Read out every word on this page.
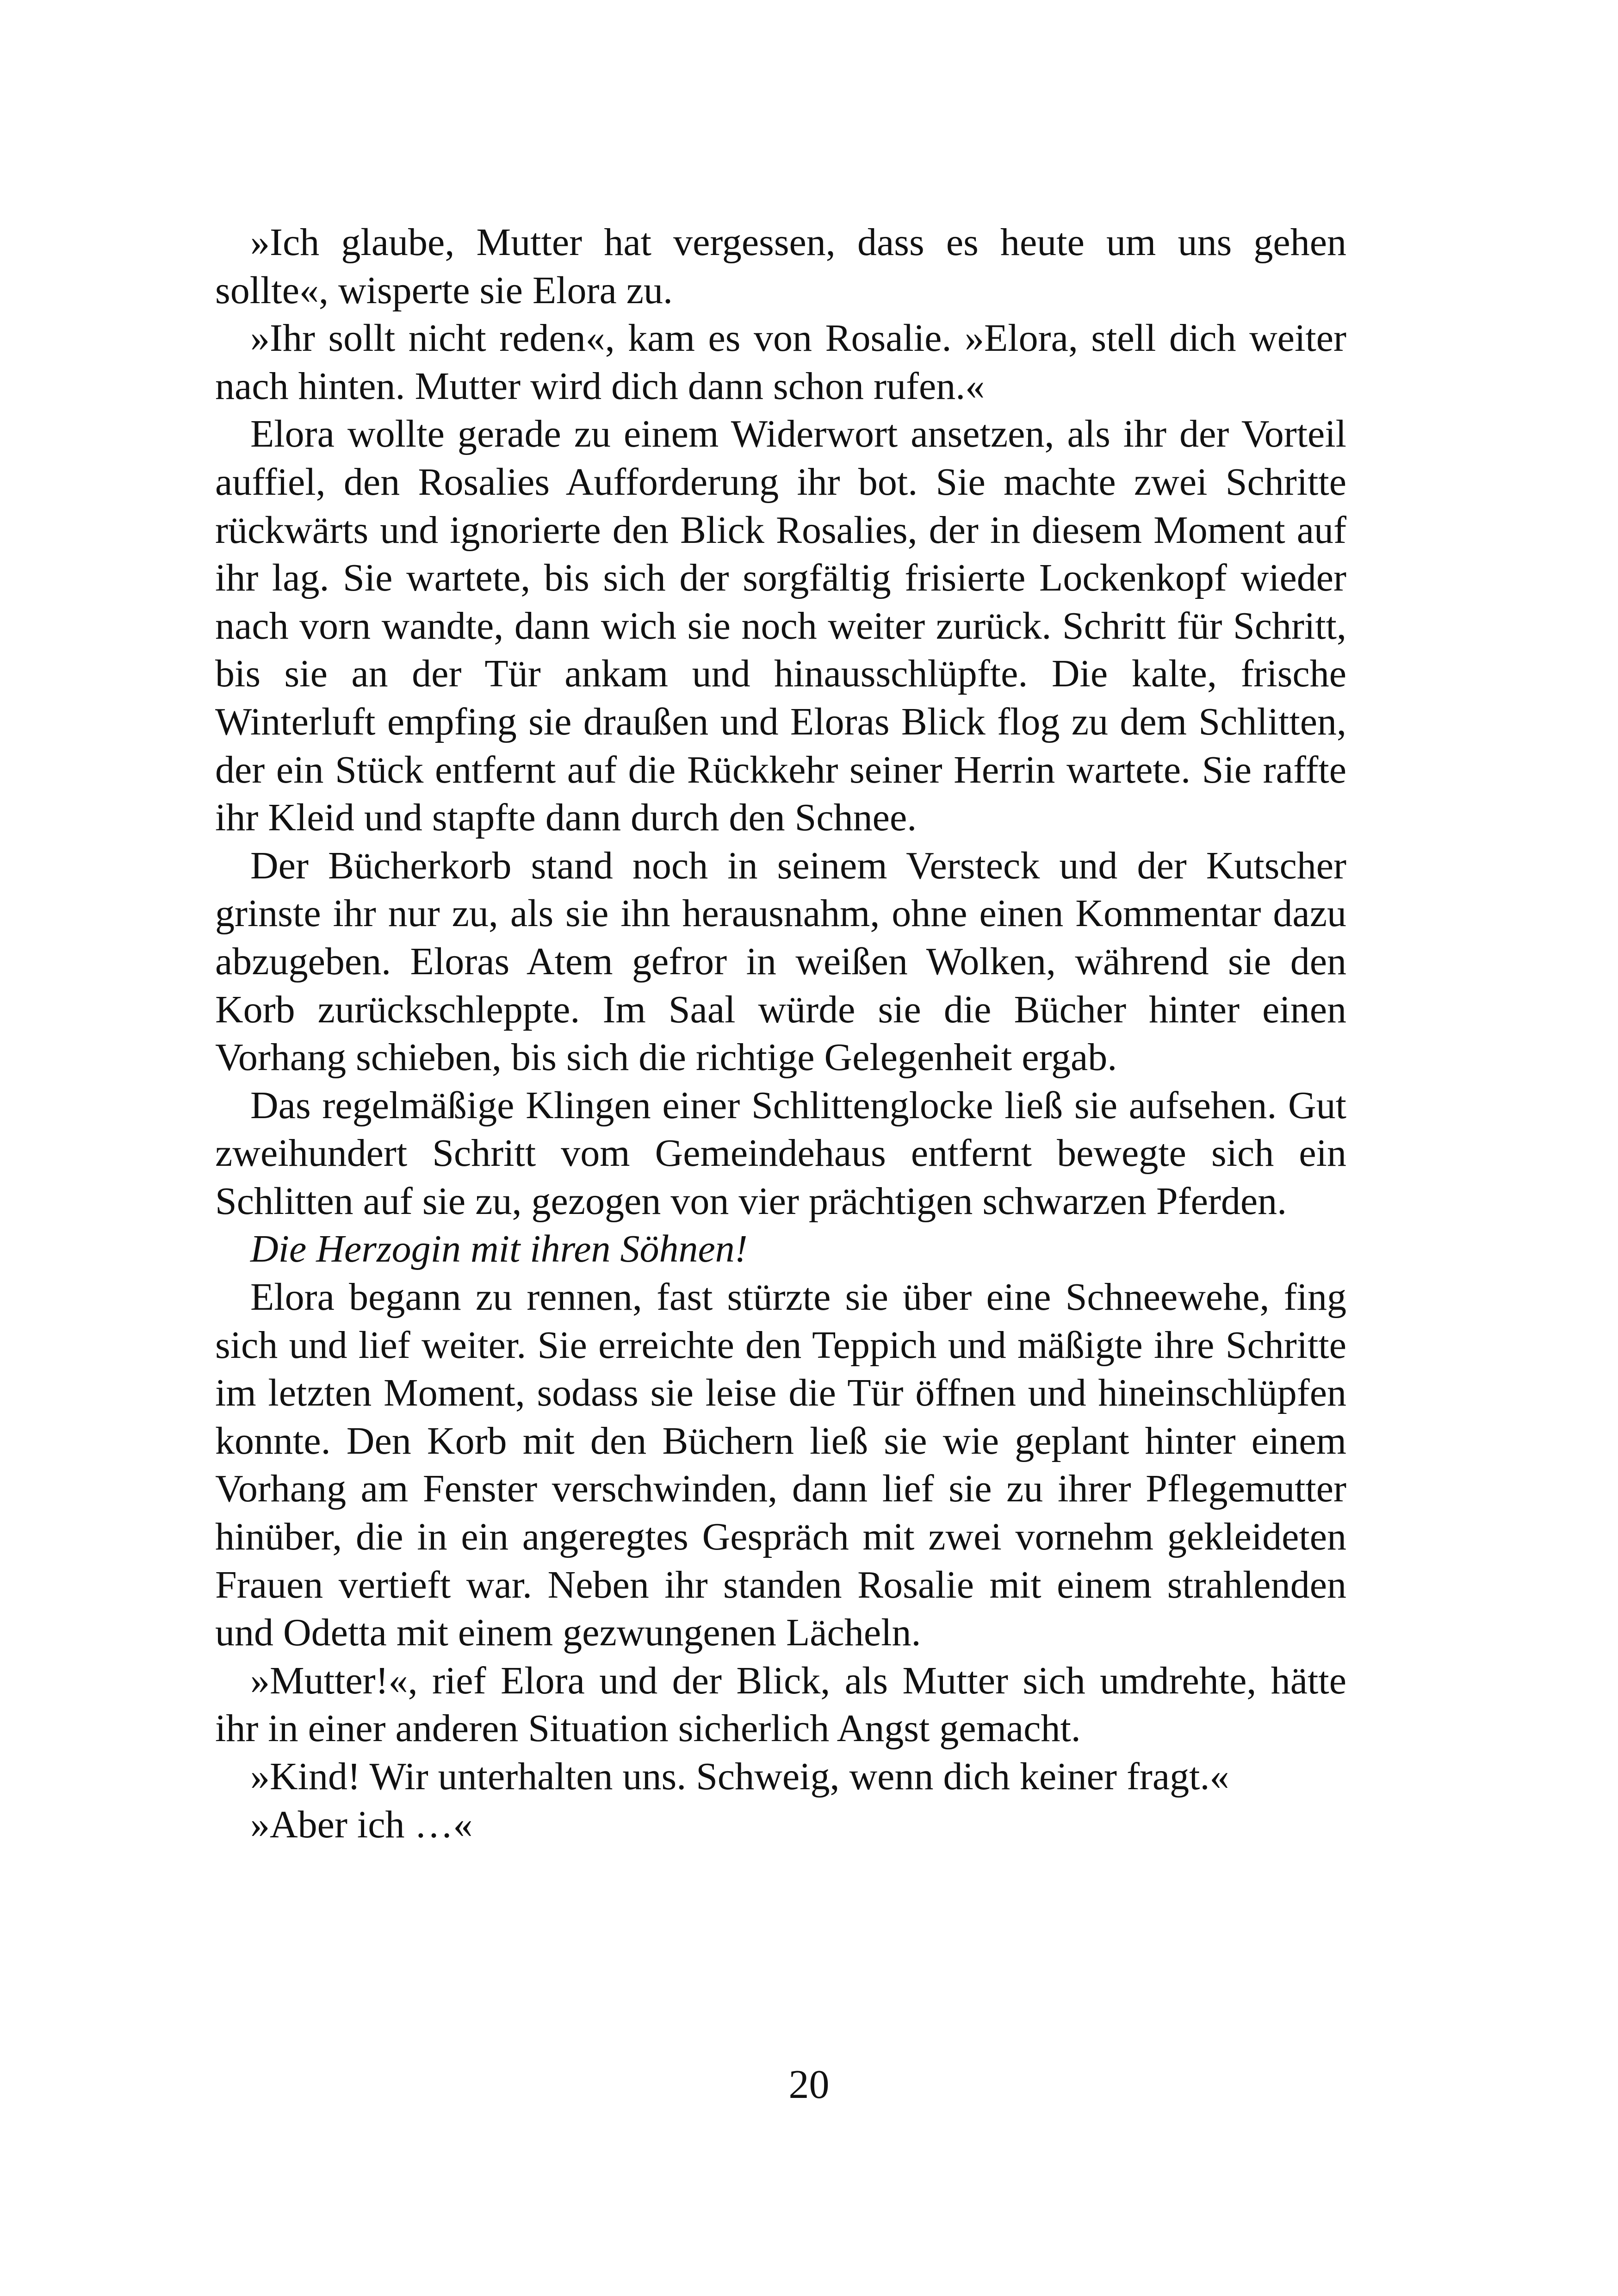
»Ich glaube, Mutter hat vergessen, dass es heute um uns gehen sollte«, wisperte sie Elora zu.

»Ihr sollt nicht reden«, kam es von Rosalie. »Elora, stell dich weiter nach hinten. Mutter wird dich dann schon rufen.«

Elora wollte gerade zu einem Widerwort ansetzen, als ihr der Vorteil auffiel, den Rosalies Aufforderung ihr bot. Sie machte zwei Schritte rückwärts und ignorierte den Blick Rosalies, der in diesem Moment auf ihr lag. Sie wartete, bis sich der sorgfältig frisierte Lockenkopf wieder nach vorn wandte, dann wich sie noch weiter zurück. Schritt für Schritt, bis sie an der Tür ankam und hinausschlüpfte. Die kalte, frische Winterluft empfing sie draußen und Eloras Blick flog zu dem Schlitten, der ein Stück entfernt auf die Rückkehr seiner Herrin wartete. Sie raffte ihr Kleid und stapfte dann durch den Schnee.

Der Bücherkorb stand noch in seinem Versteck und der Kutscher grinste ihr nur zu, als sie ihn herausnahm, ohne einen Kommentar dazu abzugeben. Eloras Atem gefror in weißen Wolken, während sie den Korb zurückschleppte. Im Saal würde sie die Bücher hinter einen Vorhang schieben, bis sich die richtige Gelegenheit ergab.

Das regelmäßige Klingen einer Schlittenglocke ließ sie aufsehen. Gut zweihundert Schritt vom Gemeindehaus entfernt bewegte sich ein Schlitten auf sie zu, gezogen von vier prächtigen schwarzen Pferden.

Die Herzogin mit ihren Söhnen!

Elora begann zu rennen, fast stürzte sie über eine Schneewehe, fing sich und lief weiter. Sie erreichte den Teppich und mäßigte ihre Schritte im letzten Moment, sodass sie leise die Tür öffnen und hineinschlüpfen konnte. Den Korb mit den Büchern ließ sie wie geplant hinter einem Vorhang am Fenster verschwinden, dann lief sie zu ihrer Pflegemutter hinüber, die in ein angeregtes Gespräch mit zwei vornehm gekleideten Frauen vertieft war. Neben ihr standen Rosalie mit einem strahlenden und Odetta mit einem gezwungenen Lächeln.

»Mutter!«, rief Elora und der Blick, als Mutter sich umdrehte, hätte ihr in einer anderen Situation sicherlich Angst gemacht.

»Kind! Wir unterhalten uns. Schweig, wenn dich keiner fragt.«

»Aber ich …«

20
